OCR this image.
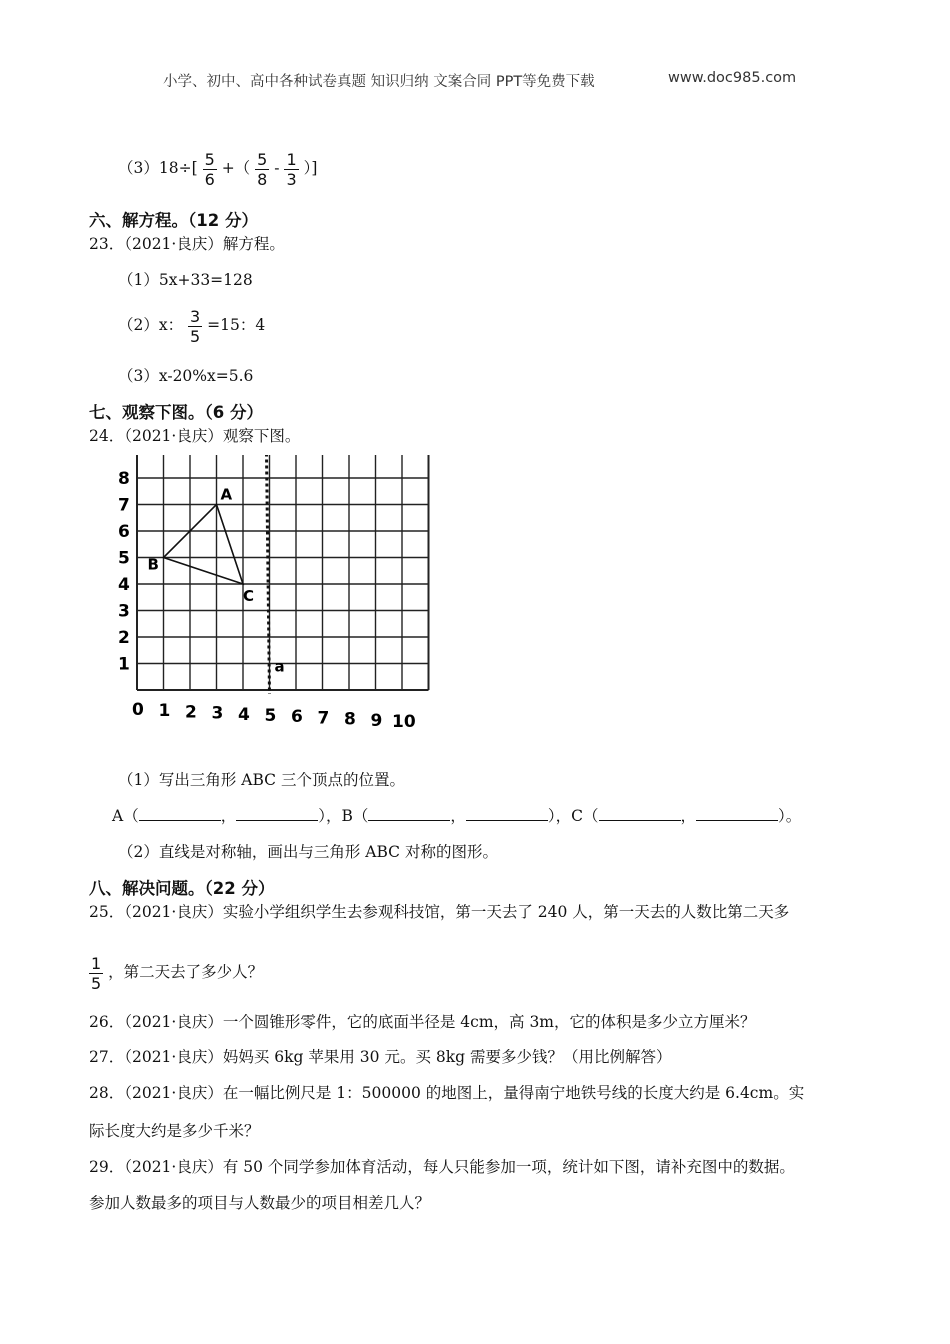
小学、初中、高中各种试卷真题 知识归纳 文案合同 PPT等免费下载	www.doc985.com
$(3)18\div[ \frac{5}{6}$ +（ $\frac{5}{8} - \frac{1}{3}$ ）]
六、解方程。（12 分）
23．（2021·良庆）解方程。
（1）5x+33=128
（2）x： $\frac{3}{5} =15$：4
（3）x-20%x=5.6
七、观察下图。（6 分）
24．（2021·良庆）观察下图。
8
7
6
5
4
3
2
1
0 1 2 3 4 5 6 7 8 9 10
a
A
B
C
（1）写出三角形 ABC 三个顶点的位置。
A（	，	），B（	，	），C（	，	）。
（2）直线是对称轴，画出与三角形 ABC 对称的图形。
八、解决问题。（22 分）
25．（2021·良庆）实验小学组织学生去参观科技馆，第一天去了 240 人，第一天去的人数比第二天多
$\frac{1}{5}$ ，第二天去了多少人？
26．（2021·良庆）一个圆锥形零件，它的底面半径是 4cm，高 3m，它的体积是多少立方厘米？
27．（2021·良庆）妈妈买 6kg 苹果用 30 元。买 8kg 需要多少钱？（用比例解答）
28．（2021·良庆）在一幅比例尺是 1：500000 的地图上，量得南宁地铁号线的长度大约是 6.4cm。实
际长度大约是多少千米？
29．（2021·良庆）有 50 个同学参加体育活动，每人只能参加一项，统计如下图，请补充图中的数据。
参加人数最多的项目与人数最少的项目相差几人？
